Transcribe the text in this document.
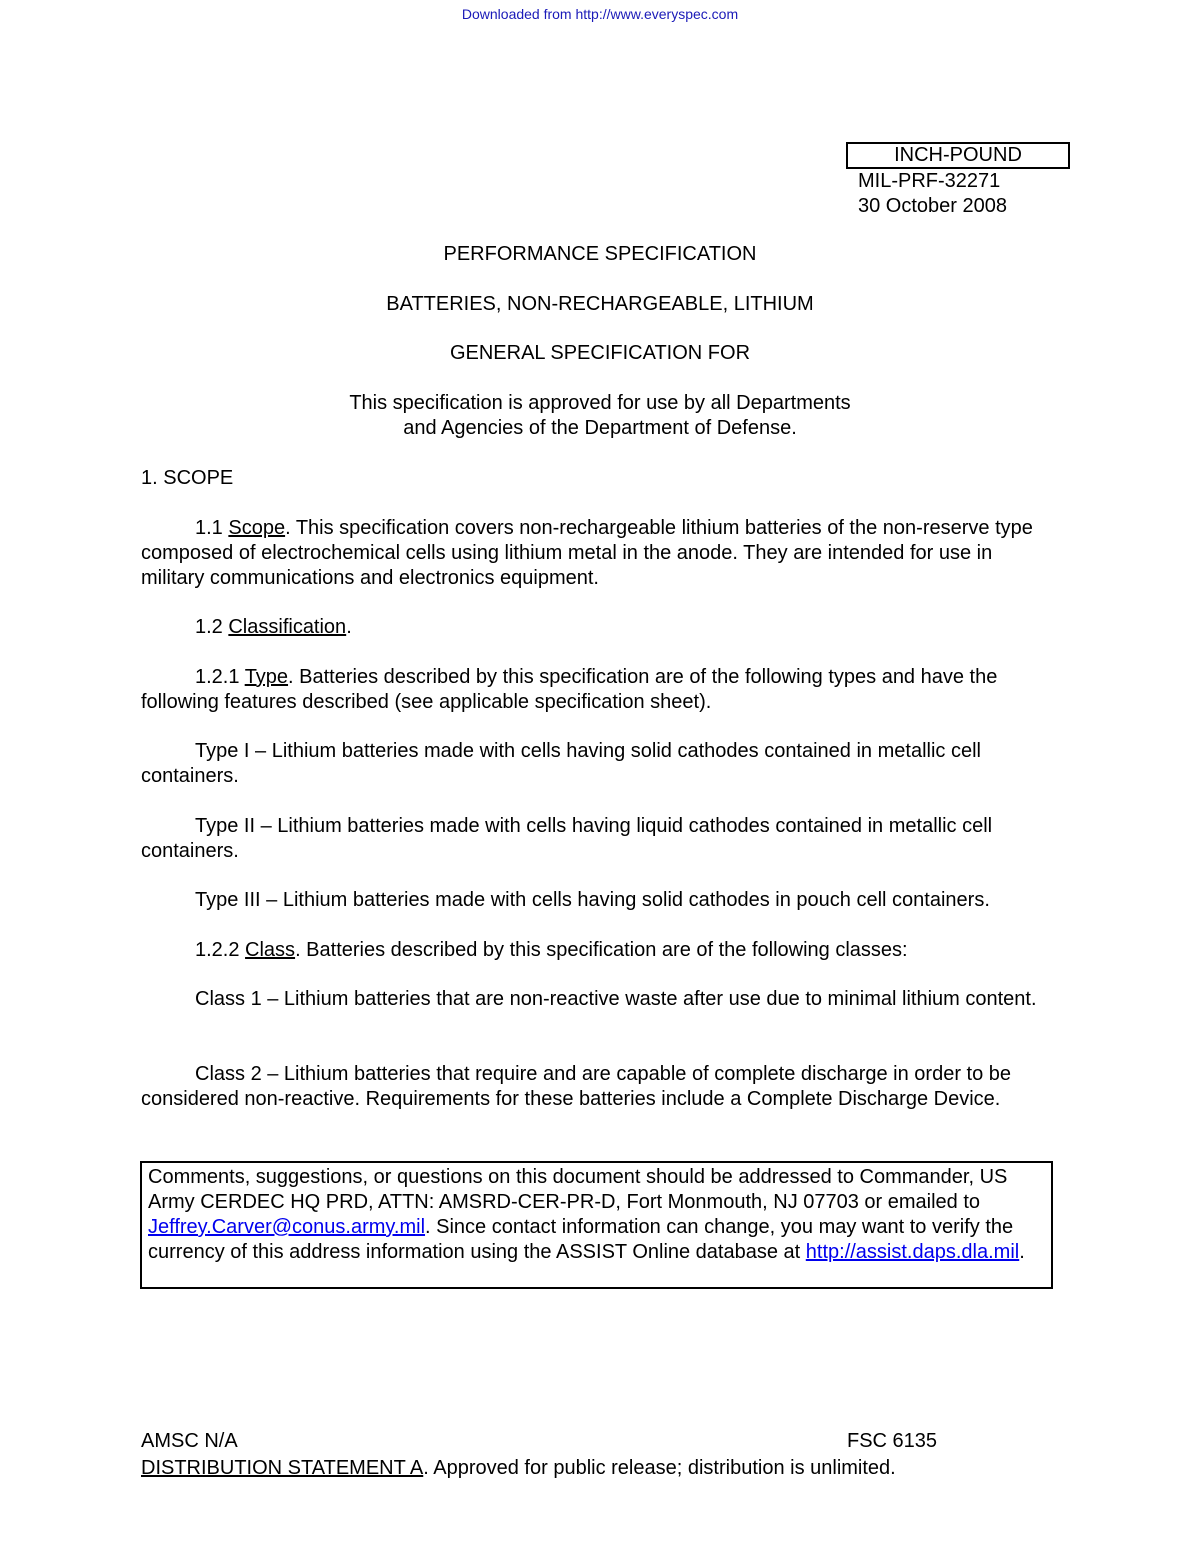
Downloaded from http://www.everyspec.com
INCH-POUND
MIL-PRF-32271
30 October 2008
PERFORMANCE SPECIFICATION
BATTERIES, NON-RECHARGEABLE, LITHIUM
GENERAL SPECIFICATION FOR
This specification is approved for use by all Departments
and Agencies of the Department of Defense.
1. SCOPE
1.1 Scope. This specification covers non-rechargeable lithium batteries of the non-reserve type composed of electrochemical cells using lithium metal in the anode. They are intended for use in military communications and electronics equipment.
1.2 Classification.
1.2.1 Type. Batteries described by this specification are of the following types and have the following features described (see applicable specification sheet).
Type I – Lithium batteries made with cells having solid cathodes contained in metallic cell containers.
Type II – Lithium batteries made with cells having liquid cathodes contained in metallic cell containers.
Type III – Lithium batteries made with cells having solid cathodes in pouch cell containers.
1.2.2 Class. Batteries described by this specification are of the following classes:
Class 1 – Lithium batteries that are non-reactive waste after use due to minimal lithium content.
Class 2 – Lithium batteries that require and are capable of complete discharge in order to be considered non-reactive. Requirements for these batteries include a Complete Discharge Device.
Comments, suggestions, or questions on this document should be addressed to Commander, US Army CERDEC HQ PRD, ATTN: AMSRD-CER-PR-D, Fort Monmouth, NJ 07703 or emailed to Jeffrey.Carver@conus.army.mil. Since contact information can change, you may want to verify the currency of this address information using the ASSIST Online database at http://assist.daps.dla.mil.
AMSC N/A	FSC 6135
DISTRIBUTION STATEMENT A. Approved for public release; distribution is unlimited.
